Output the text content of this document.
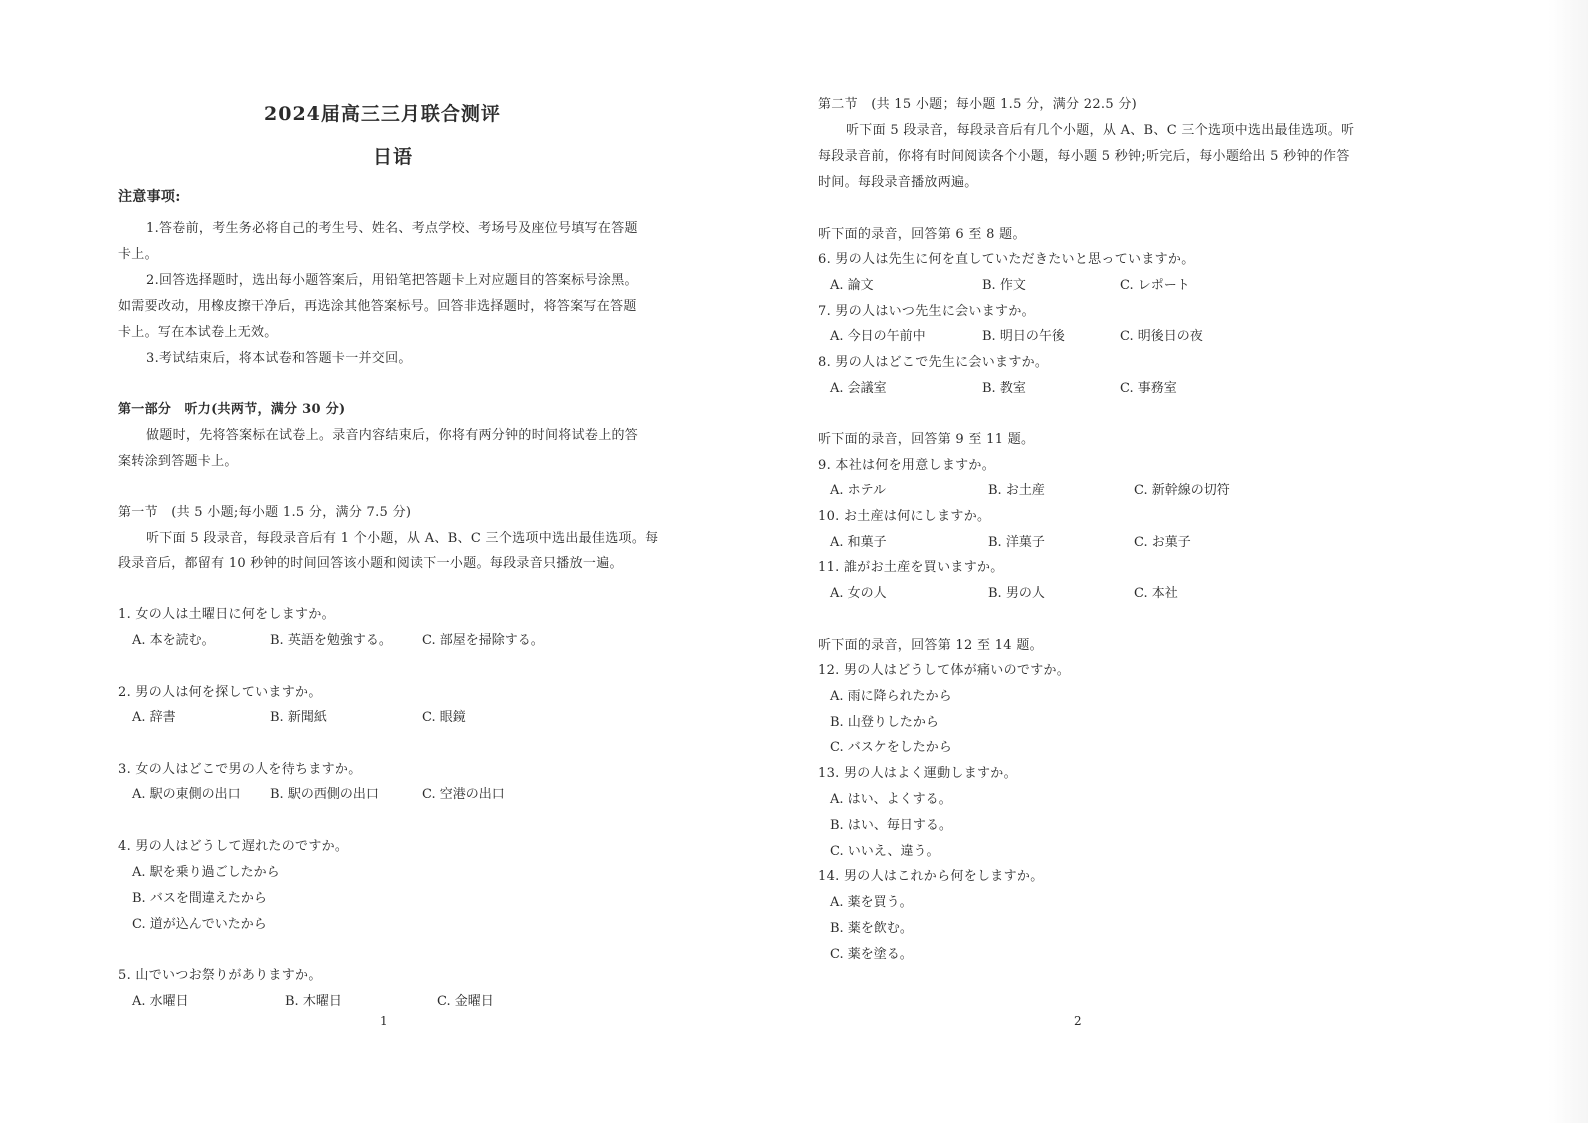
2024届高三三月联合测评
日语
注意事项:
1.答卷前，考生务必将自己的考生号、姓名、考点学校、考场号及座位号填写在答题
卡上。
2.回答选择题时，选出每小题答案后，用铅笔把答题卡上对应题目的答案标号涂黑。
如需要改动，用橡皮擦干净后，再选涂其他答案标号。回答非选择题时，将答案写在答题
卡上。写在本试卷上无效。
3.考试结束后，将本试卷和答题卡一并交回。
第一部分　听力(共两节，满分 30 分)
做题时，先将答案标在试卷上。录音内容结束后，你将有两分钟的时间将试卷上的答
案转涂到答题卡上。
第一节　(共 5 小题;每小题 1.5 分，满分 7.5 分)
听下面 5 段录音，每段录音后有 1 个小题，从 A、B、C 三个选项中选出最佳选项。每
段录音后，都留有 10 秒钟的时间回答该小题和阅读下一小题。每段录音只播放一遍。
1. 女の人は土曜日に何をしますか。
A. 本を読む。	B. 英語を勉強する。 C. 部屋を掃除する。
2. 男の人は何を探していますか。
A. 辞書	B. 新聞紙	C. 眼鏡
3. 女の人はどこで男の人を待ちますか。
A. 駅の東側の出口 B. 駅の西側の出口	C. 空港の出口
4. 男の人はどうして遅れたのですか。
A. 駅を乗り過ごしたから
B. バスを間違えたから
C. 道が込んでいたから
5. 山でいつお祭りがありますか。
A. 水曜日	B. 木曜日	C. 金曜日
1
第二节　(共 15 小题；每小题 1.5 分，满分 22.5 分)
听下面 5 段录音，每段录音后有几个小题，从 A、B、C 三个选项中选出最佳选项。听
每段录音前，你将有时间阅读各个小题，每小题 5 秒钟;听完后，每小题给出 5 秒钟的作答
时间。每段录音播放两遍。
听下面的录音，回答第 6 至 8 题。
6. 男の人は先生に何を直していただきたいと思っていますか。
A. 論文	B. 作文	C. レポート
7. 男の人はいつ先生に会いますか。
A. 今日の午前中	B. 明日の午後	C. 明後日の夜
8. 男の人はどこで先生に会いますか。
A. 会議室	B. 教室	C. 事務室
听下面的录音，回答第 9 至 11 题。
9. 本社は何を用意しますか。
A. ホテル	B. お土産	C. 新幹線の切符
10. お土産は何にしますか。
A. 和菓子	B. 洋菓子	C. お菓子
11. 誰がお土産を買いますか。
A. 女の人	B. 男の人	C. 本社
听下面的录音，回答第 12 至 14 题。
12. 男の人はどうして体が痛いのですか。
A. 雨に降られたから
B. 山登りしたから
C. バスケをしたから
13. 男の人はよく運動しますか。
A. はい、よくする。
B. はい、毎日する。
C. いいえ、違う。
14. 男の人はこれから何をしますか。
A. 薬を買う。
B. 薬を飲む。
C. 薬を塗る。
2
